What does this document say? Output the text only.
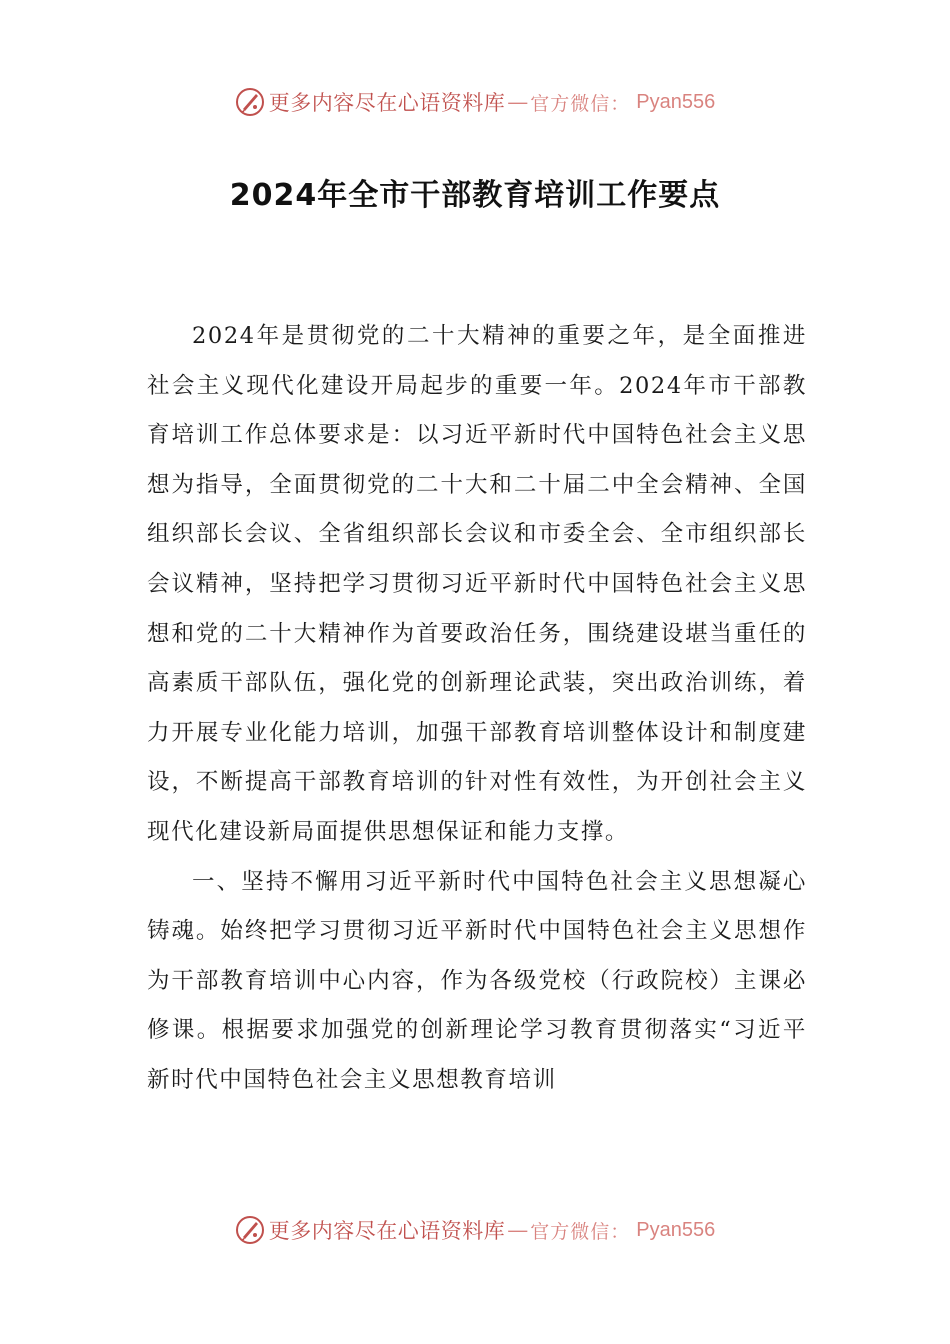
更多内容尽在心语资料库 — 官方微信： Pyan556
2024年全市干部教育培训工作要点

2024年是贯彻党的二十大精神的重要之年，是全面推进社会主义现代化建设开局起步的重要一年。2024年市干部教育培训工作总体要求是：以习近平新时代中国特色社会主义思想为指导，全面贯彻党的二十大和二十届二中全会精神、全国组织部长会议、全省组织部长会议和市委全会、全市组织部长会议精神，坚持把学习贯彻习近平新时代中国特色社会主义思想和党的二十大精神作为首要政治任务，围绕建设堪当重任的高素质干部队伍，强化党的创新理论武装，突出政治训练，着力开展专业化能力培训，加强干部教育培训整体设计和制度建设，不断提高干部教育培训的针对性有效性，为开创社会主义现代化建设新局面提供思想保证和能力支撑。

一、坚持不懈用习近平新时代中国特色社会主义思想凝心铸魂。始终把学习贯彻习近平新时代中国特色社会主义思想作为干部教育培训中心内容，作为各级党校（行政院校）主课必修课。根据要求加强党的创新理论学习教育贯彻落实“习近平新时代中国特色社会主义思想教育培训

更多内容尽在心语资料库 — 官方微信： Pyan556
